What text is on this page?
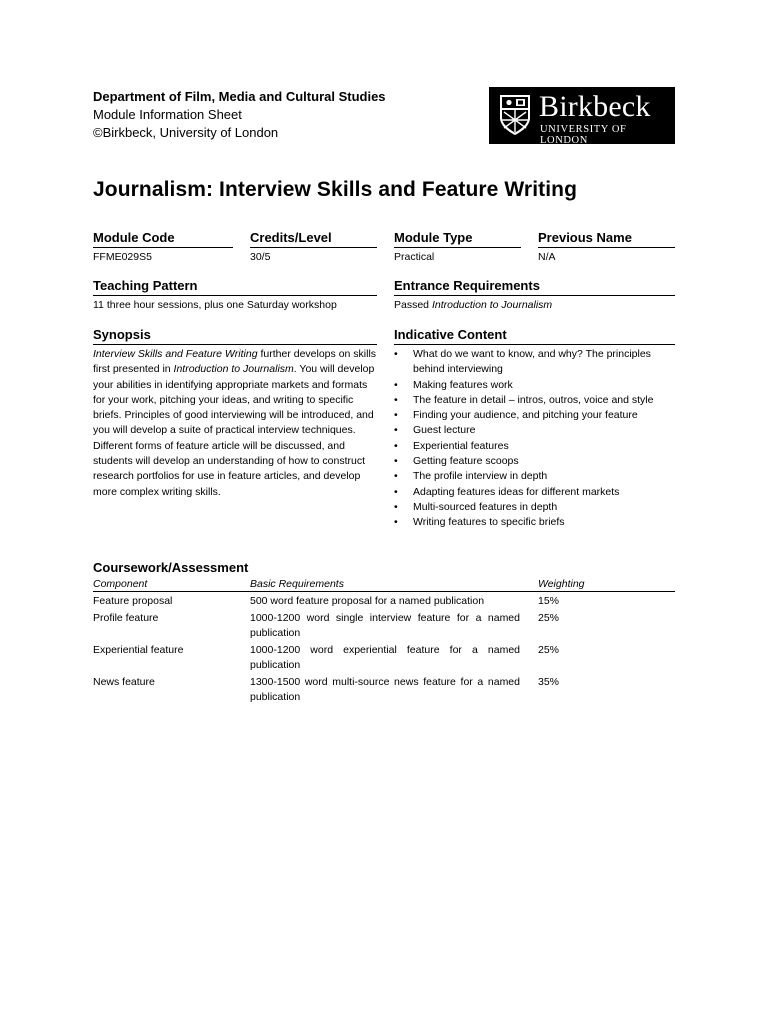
Department of Film, Media and Cultural Studies
Module Information Sheet
©Birkbeck, University of London
Birkbeck
UNIVERSITY OF LONDON
Journalism: Interview Skills and Feature Writing
Module Code
FFME029S5
Credits/Level
30/5
Module Type
Practical
Previous Name
N/A
Teaching Pattern
11 three hour sessions, plus one Saturday workshop
Entrance Requirements
Passed Introduction to Journalism
Synopsis
Interview Skills and Feature Writing further develops on skills first presented in Introduction to Journalism. You will develop your abilities in identifying appropriate markets and formats for your work, pitching your ideas, and writing to specific briefs. Principles of good interviewing will be introduced, and you will develop a suite of practical interview techniques. Different forms of feature article will be discussed, and students will develop an understanding of how to construct research portfolios for use in feature articles, and develop more complex writing skills.
Indicative Content
• What do we want to know, and why? The principles behind interviewing
• Making features work
• The feature in detail – intros, outros, voice and style
• Finding your audience, and pitching your feature
• Guest lecture
• Experiential features
• Getting feature scoops
• The profile interview in depth
• Adapting features ideas for different markets
• Multi-sourced features in depth
• Writing features to specific briefs
Coursework/Assessment
Component	Basic Requirements	Weighting
Feature proposal	500 word feature proposal for a named publication	15%
Profile feature	1000-1200 word single interview feature for a named publication	25%
Experiential feature	1000-1200 word experiential feature for a named publication	25%
News feature	1300-1500 word multi-source news feature for a named publication	35%
